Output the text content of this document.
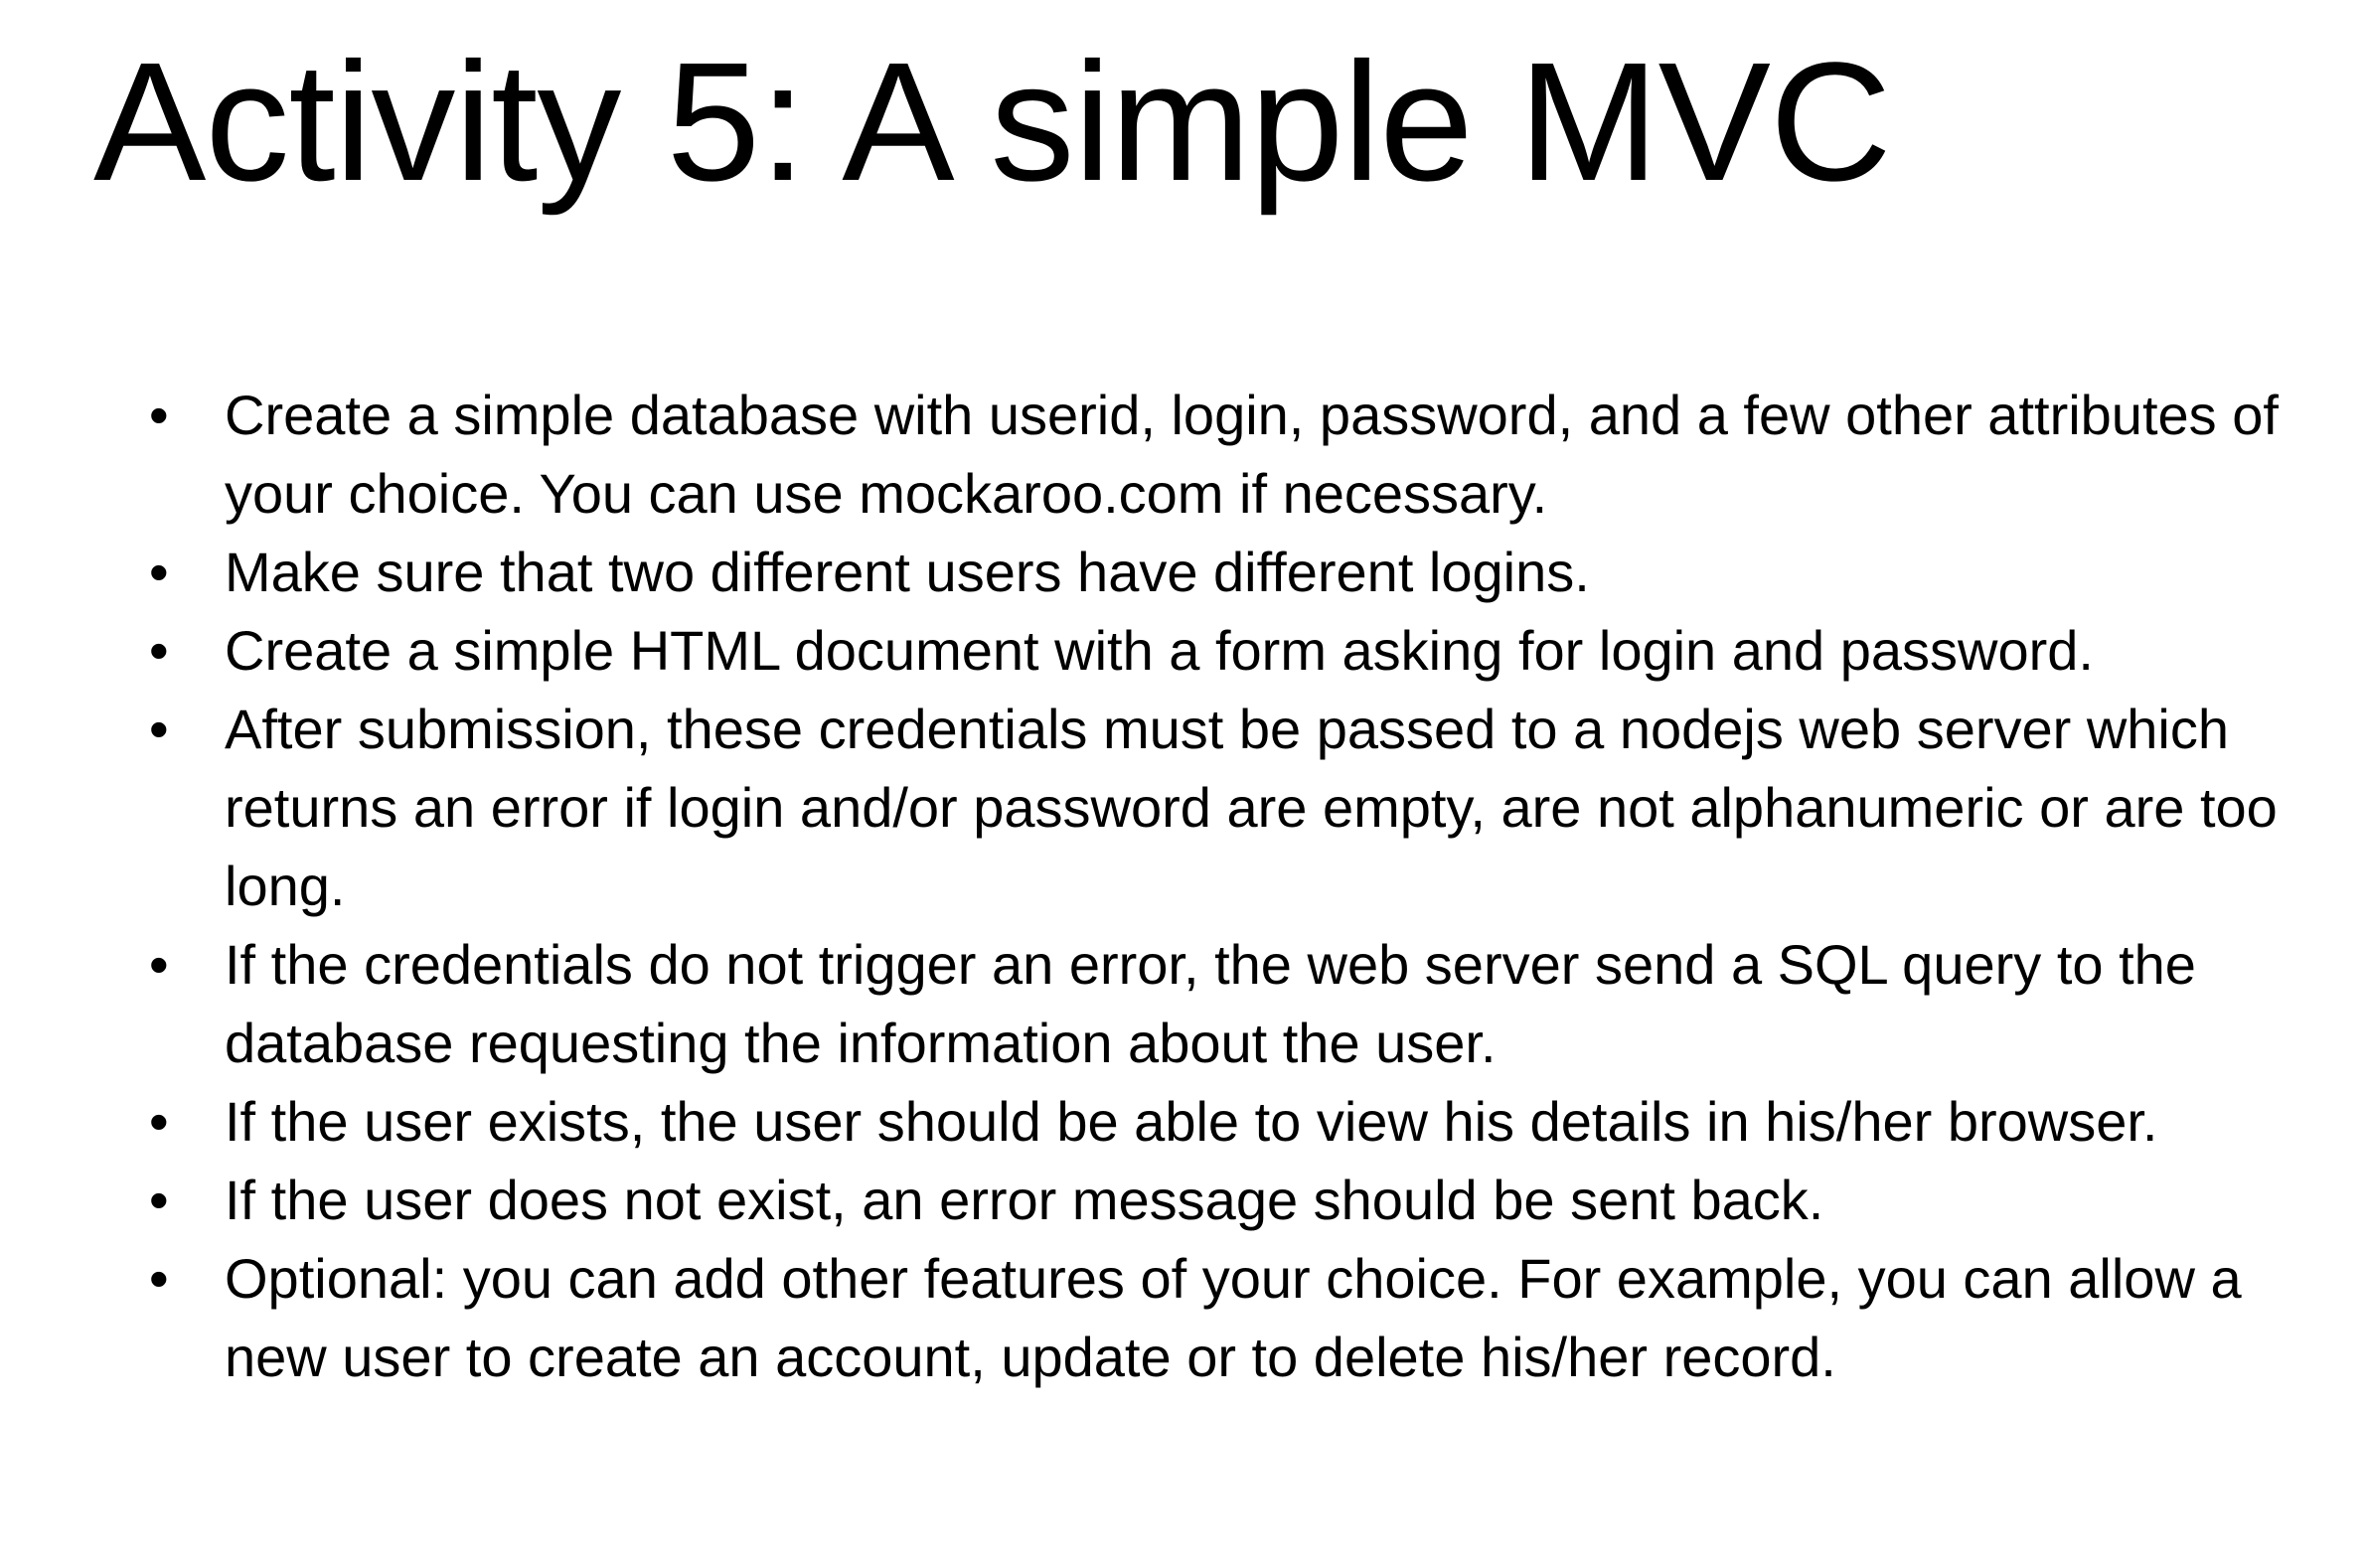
Activity 5: A simple MVC
• Create a simple database with userid, login, password, and a few other attributes of your choice. You can use mockaroo.com if necessary.
• Make sure that two different users have different logins.
• Create a simple HTML document with a form asking for login and password.
• After submission, these credentials must be passed to a nodejs web server which returns an error if login and/or password are empty, are not alphanumeric or are too long.
• If the credentials do not trigger an error, the web server send a SQL query to the database requesting the information about the user.
• If the user exists, the user should be able to view his details in his/her browser.
• If the user does not exist, an error message should be sent back.
• Optional: you can add other features of your choice. For example, you can allow a new user to create an account, update or to delete his/her record.
